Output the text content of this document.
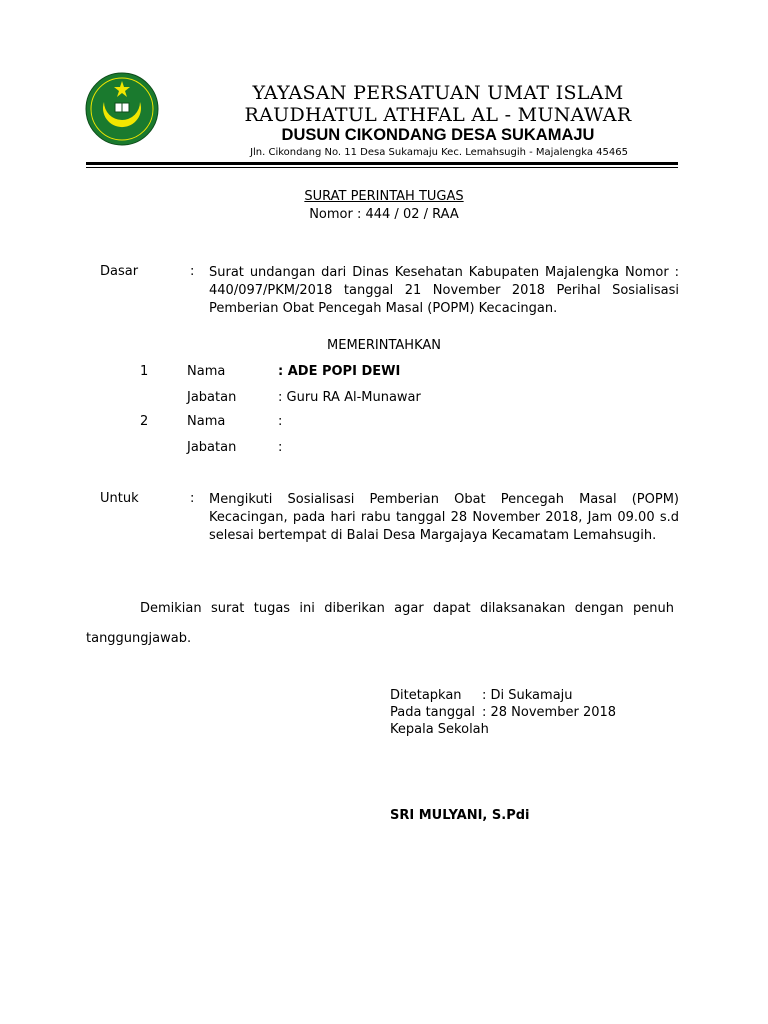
YAYASAN PERSATUAN UMAT ISLAM
RAUDHATUL ATHFAL AL - MUNAWAR
DUSUN CIKONDANG DESA SUKAMAJU
Jln. Cikondang No. 11 Desa Sukamaju Kec. Lemahsugih - Majalengka 45465
SURAT PERINTAH TUGAS
Nomor : 444 / 02 / RAA
Dasar	: Surat undangan dari Dinas Kesehatan Kabupaten Majalengka Nomor : 440/097/PKM/2018 tanggal 21 November 2018 Perihal Sosialisasi Pemberian Obat Pencegah Masal (POPM) Kecacingan.
MEMERINTAHKAN
1	Nama	: ADE POPI DEWI
Jabatan	: Guru RA Al-Munawar
2	Nama	:
Jabatan	:
Untuk	: Mengikuti Sosialisasi Pemberian Obat Pencegah Masal (POPM) Kecacingan, pada hari rabu tanggal 28 November 2018, Jam 09.00 s.d selesai bertempat di Balai Desa Margajaya Kecamatam Lemahsugih.
Demikian surat tugas ini diberikan agar dapat dilaksanakan dengan penuh tanggungjawab.
Ditetapkan : Di Sukamaju
Pada tanggal : 28 November 2018
Kepala Sekolah
SRI MULYANI, S.Pdi
